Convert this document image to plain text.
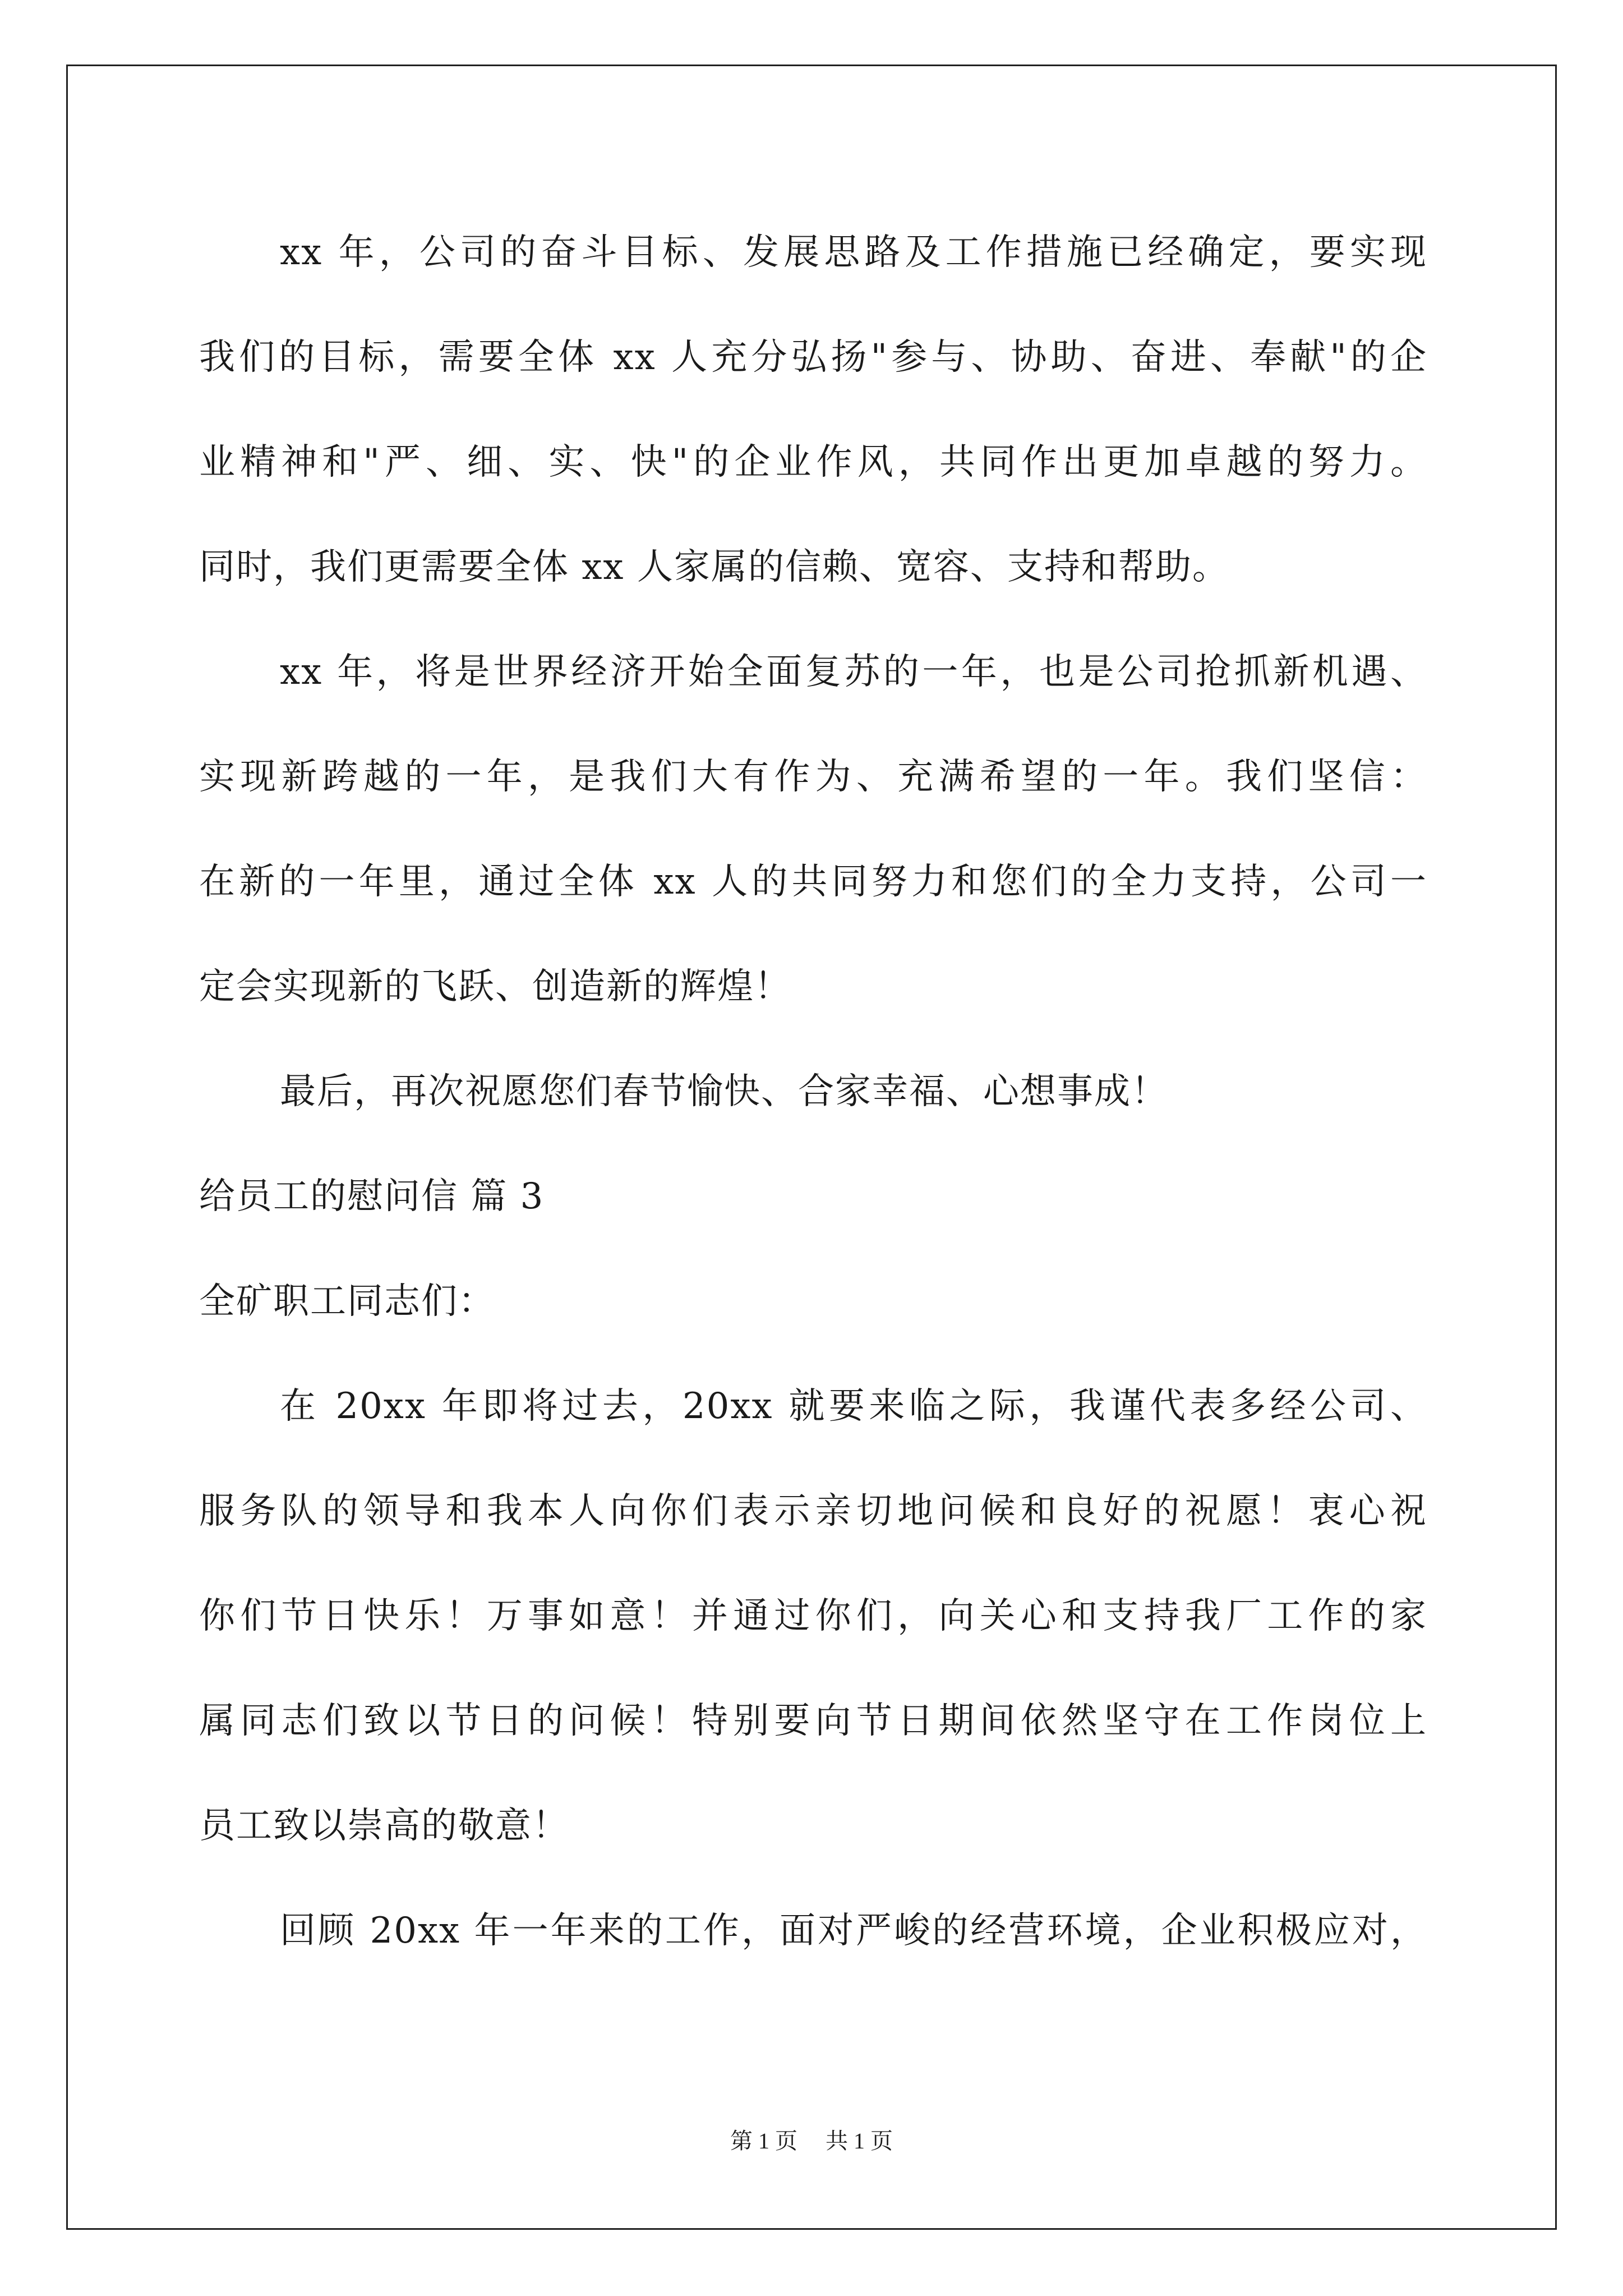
xx 年，公司的奋斗目标、发展思路及工作措施已经确定，要实现
我们的目标，需要全体 xx 人充分弘扬"参与、协助、奋进、奉献"的企
业精神和"严、细、实、快"的企业作风，共同作出更加卓越的努力。
同时，我们更需要全体 xx 人家属的信赖、宽容、支持和帮助。
xx 年，将是世界经济开始全面复苏的一年，也是公司抢抓新机遇、
实现新跨越的一年，是我们大有作为、充满希望的一年。我们坚信：
在新的一年里，通过全体 xx 人的共同努力和您们的全力支持，公司一
定会实现新的飞跃、创造新的辉煌！
最后，再次祝愿您们春节愉快、合家幸福、心想事成！
给员工的慰问信 篇 3
全矿职工同志们：
在 20xx 年即将过去，20xx 就要来临之际，我谨代表多经公司、
服务队的领导和我本人向你们表示亲切地问候和良好的祝愿！衷心祝
你们节日快乐！万事如意！并通过你们，向关心和支持我厂工作的家
属同志们致以节日的问候！特别要向节日期间依然坚守在工作岗位上
员工致以崇高的敬意！
回顾 20xx 年一年来的工作，面对严峻的经营环境，企业积极应对，
第 1 页 共 1 页
